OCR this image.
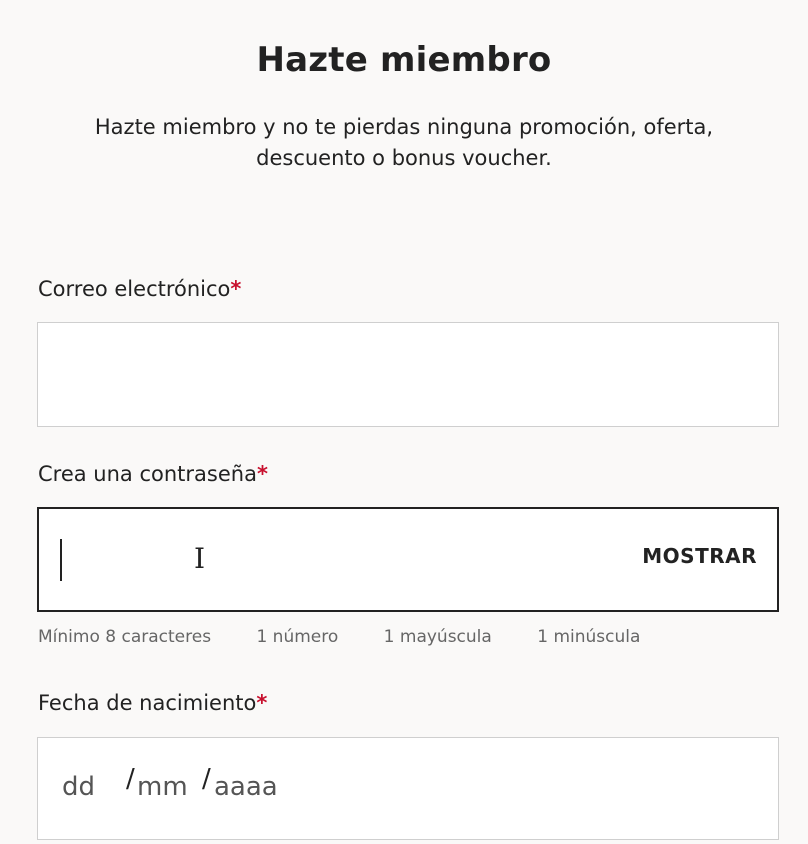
Hazte miembro

Hazte miembro y no te pierdas ninguna promoción, oferta, descuento o bonus voucher.

Correo electrónico*
Crea una contraseña*
I	MOSTRAR
Mínimo 8 caracteres	1 número	1 mayúscula	1 minúscula
Fecha de nacimiento*
dd / mm / aaaa
